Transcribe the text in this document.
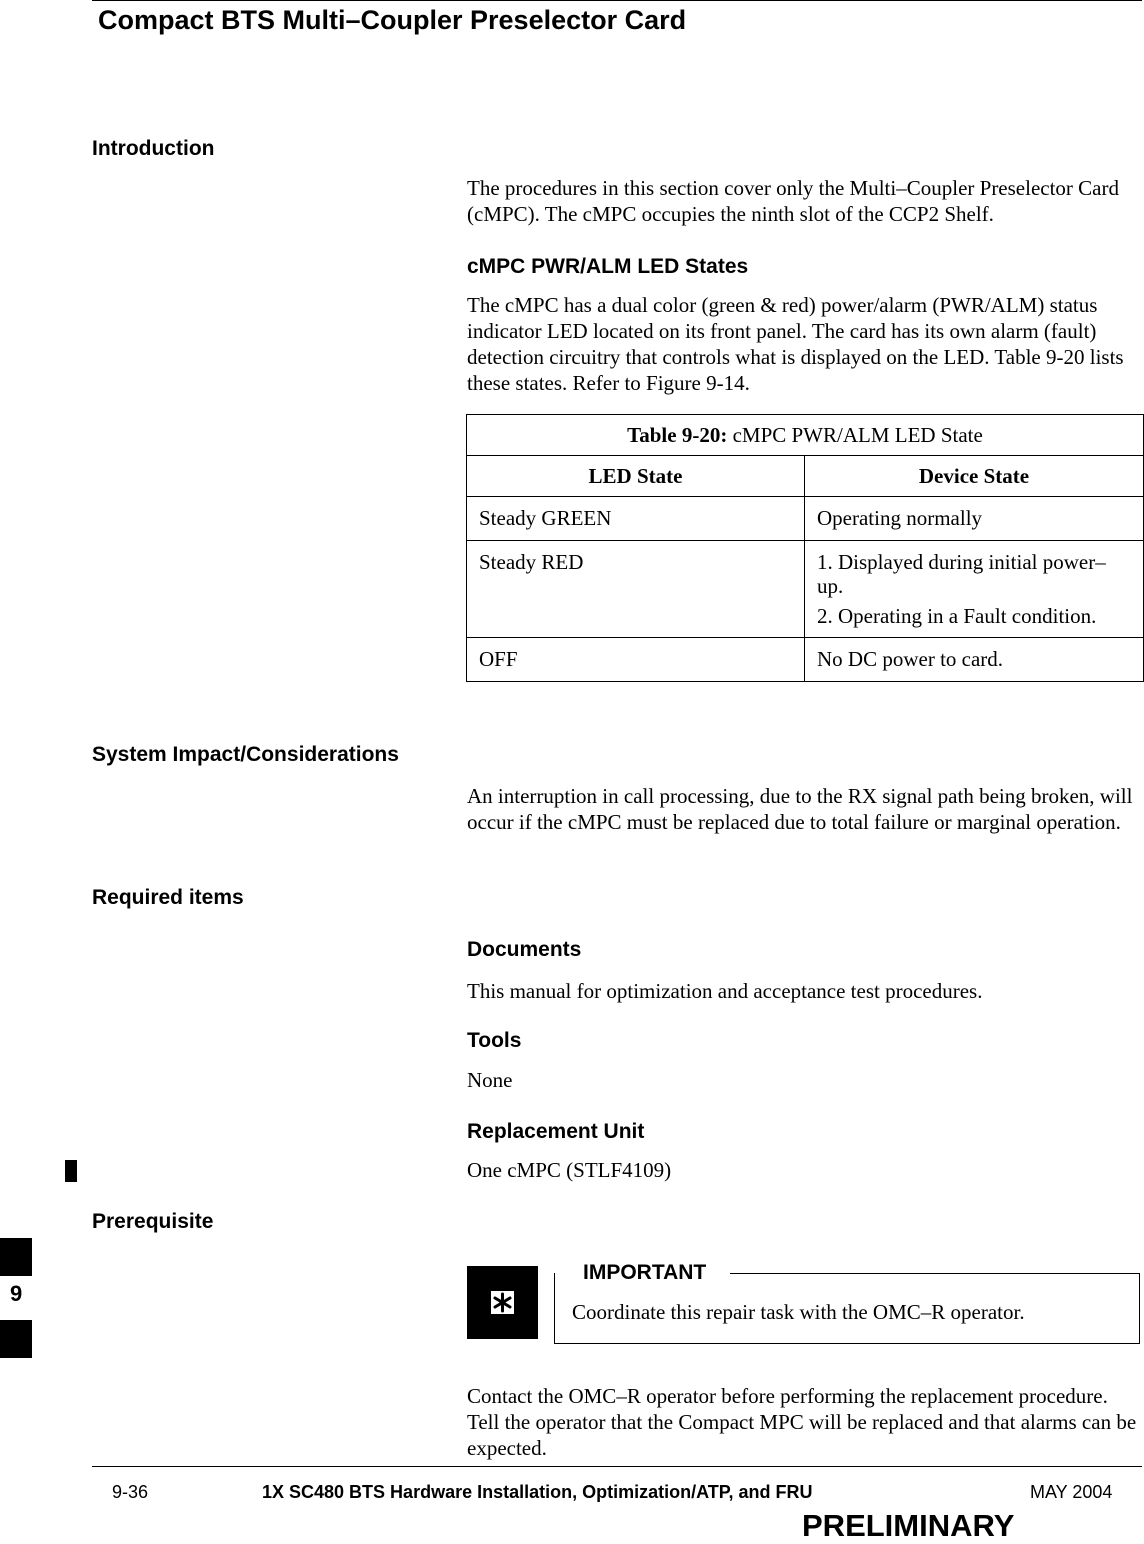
Compact BTS Multi–Coupler Preselector Card
Introduction
The procedures in this section cover only the Multi–Coupler Preselector Card (cMPC). The cMPC occupies the ninth slot of the CCP2 Shelf.
cMPC PWR/ALM LED States
The cMPC has a dual color (green & red) power/alarm (PWR/ALM) status indicator LED located on its front panel. The card has its own alarm (fault) detection circuitry that controls what is displayed on the LED. Table 9-20 lists these states. Refer to Figure 9-14.
Table 9-20: cMPC PWR/ALM LED State	
LED State	Device State
Steady GREEN	Operating normally
Steady RED	1. Displayed during initial power– up.
2. Operating in a Fault condition.

OFF	No DC power to card.
System Impact/Considerations
An interruption in call processing, due to the RX signal path being broken, will occur if the cMPC must be replaced due to total failure or marginal operation.
Required items
Documents
This manual for optimization and acceptance test procedures.
Tools
None
Replacement Unit
One cMPC (STLF4109)
Prerequisite
IMPORTANT
Coordinate this repair task with the OMC–R operator.
Contact the OMC–R operator before performing the replacement procedure. Tell the operator that the Compact MPC will be replaced and that alarms can be expected.
9
9-36	1X SC480 BTS Hardware Installation, Optimization/ATP, and FRU	MAY 2004
PRELIMINARY
